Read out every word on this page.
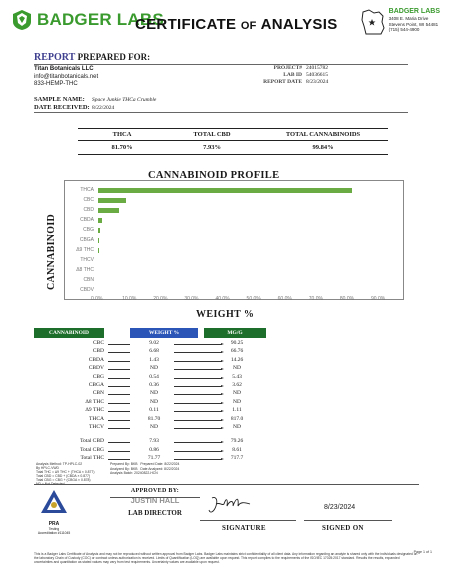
BADGER LABS
CERTIFICATE OF ANALYSIS
BADGER LABS
3408 E. Maria Drive
Stevens Point, WI 54481
(715) 544-4900
REPORT PREPARED FOR:
Titan Botanicals LLC
info@titanbotanicals.net
833-HEMP-THC
PROJECT# 24015782
LAB ID 54036615
REPORT DATE 8/23/2024
SAMPLE NAME: Space Junkie THCa Crumble
DATE RECEIVED: 8/22/2024
THCA	TOTAL CBD	TOTAL CANNABINOIDS
81.70%	7.93%	99.84%
CANNABINOID PROFILE
CANNABINOID
THCA
CBC
CBD
CBDA
CBG
CBGA
Δ9 THC
THCV
Δ8 THC
CBN
CBDV
0.0%	10.0%	20.0%	30.0%	40.0%	50.0%	60.0%	70.0%	80.0%	90.0%
WEIGHT %
CANNABINOID	WEIGHT %	MG/G
CBC	9.02	90.25
CBD	6.68	66.76
CBDA	1.43	14.26
CBDV	ND	ND
CBG	0.54	5.43
CBGA	0.36	3.62
CBN	ND	ND
Δ8 THC	ND	ND
Δ9 THC	0.11	1.11
THCA	81.70	817.0
THCV	ND	ND
Total CBD	7.93	79.26
Total CBG	0.86	8.61
Total THC	71.77	717.7
Analysis Method: TP-HPLC-02
By HPLC-VWD
Total THC = Δ9 THC + (THCA × 0.877)
Total CBD = CBD + (CBDA × 0.877)
Total CBG = CBG + (CBGA × 0.878)
ND = Not Detected
Prepared By: BKB Prepared Date: 8/22/2024
Analyzed By: BKB Date Analyzed: 8/22/2024
Analysis Batch: 20240822-HCN
PRA
Testing
Accreditation #111045
APPROVED BY:
JUSTIN HALL
LAB DIRECTOR
SIGNATURE
8/23/2024
SIGNED ON
This is a Badger Labs Certificate of Analysis and may not be reproduced without written approval from Badger Labs. Badger Labs maintains strict confidentiality of all client data. Any information regarding an analyte is shared only with the individuals designated on the laboratory Chain of Custody (COC) or contract unless authorization is received. Limits of Quantification (LOQ) are available upon request. This report complies to the requirements of the ISO/IEC 17025:2017 standard. Results the results, expanded uncertainties and quantitation as stated values may vary from test requirements. Uncertainty values are available upon request.
Page 1 of 1
